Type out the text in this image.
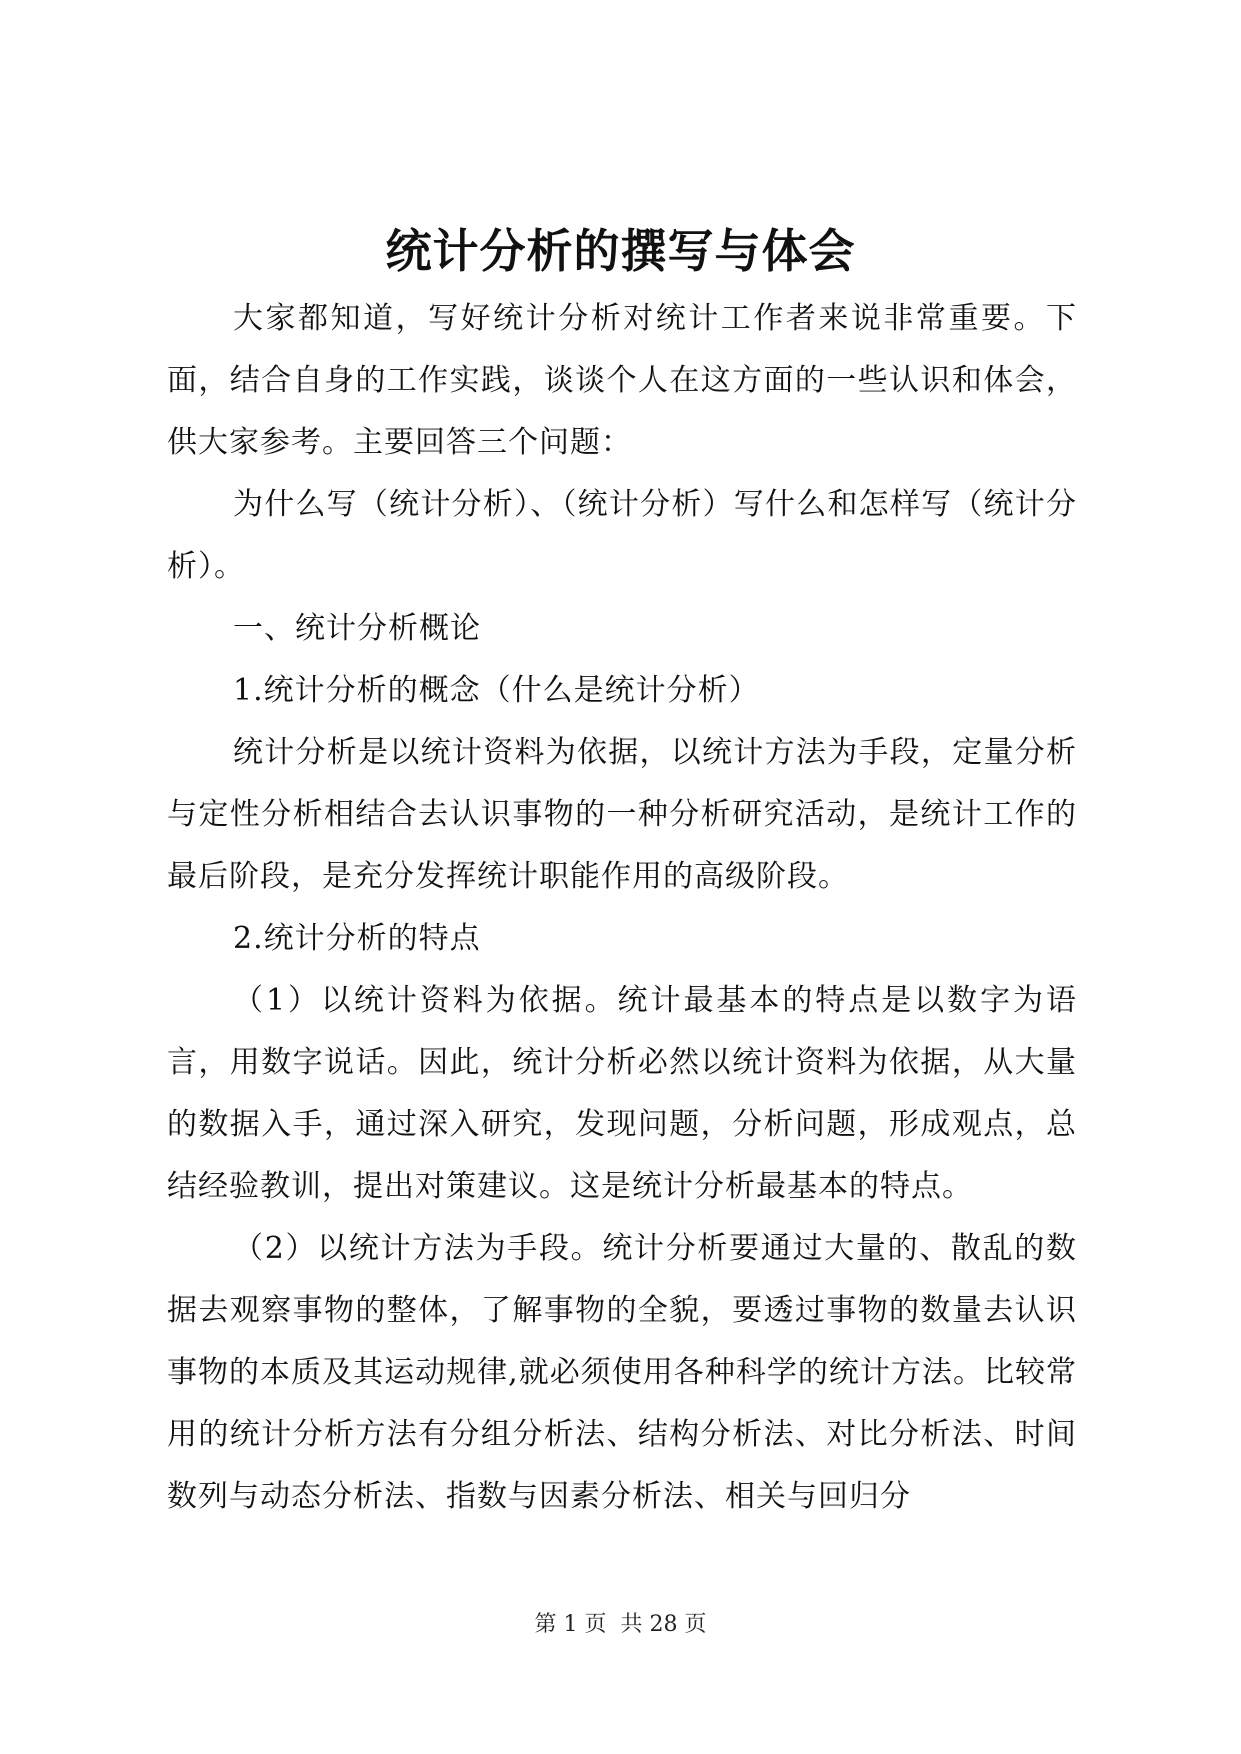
统计分析的撰写与体会

大家都知道，写好统计分析对统计工作者来说非常重要。下面，结合自身的工作实践，谈谈个人在这方面的一些认识和体会，供大家参考。主要回答三个问题：

为什么写（统计分析）、（统计分析）写什么和怎样写（统计分析）。

一、统计分析概论

1.统计分析的概念（什么是统计分析）

统计分析是以统计资料为依据，以统计方法为手段，定量分析与定性分析相结合去认识事物的一种分析研究活动，是统计工作的最后阶段，是充分发挥统计职能作用的高级阶段。

2.统计分析的特点

（1）以统计资料为依据。统计最基本的特点是以数字为语言，用数字说话。因此，统计分析必然以统计资料为依据，从大量的数据入手，通过深入研究，发现问题，分析问题，形成观点，总结经验教训，提出对策建议。这是统计分析最基本的特点。

（2）以统计方法为手段。统计分析要通过大量的、散乱的数据去观察事物的整体，了解事物的全貌，要透过事物的数量去认识事物的本质及其运动规律,就必须使用各种科学的统计方法。比较常用的统计分析方法有分组分析法、结构分析法、对比分析法、时间数列与动态分析法、指数与因素分析法、相关与回归分

第 1 页  共 28 页
